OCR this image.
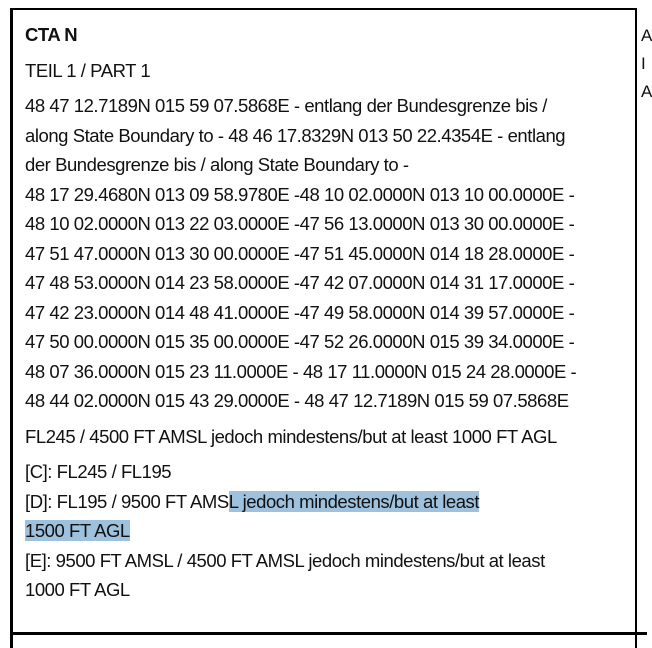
CTA N

TEIL 1 / PART 1

48 47 12.7189N 015 59 07.5868E - entlang der Bundesgrenze bis /

along State Boundary to - 48 46 17.8329N 013 50 22.4354E - entlang

der Bundesgrenze bis / along State Boundary to -

48 17 29.4680N 013 09 58.9780E -48 10 02.0000N 013 10 00.0000E -

48 10 02.0000N 013 22 03.0000E -47 56 13.0000N 013 30 00.0000E -

47 51 47.0000N 013 30 00.0000E -47 51 45.0000N 014 18 28.0000E -

47 48 53.0000N 014 23 58.0000E -47 42 07.0000N 014 31 17.0000E -

47 42 23.0000N 014 48 41.0000E -47 49 58.0000N 014 39 57.0000E -

47 50 00.0000N 015 35 00.0000E -47 52 26.0000N 015 39 34.0000E -

48 07 36.0000N 015 23 11.0000E - 48 17 11.0000N 015 24 28.0000E -

48 44 02.0000N 015 43 29.0000E - 48 47 12.7189N 015 59 07.5868E

FL245 / 4500 FT AMSL jedoch mindestens/but at least 1000 FT AGL

[C]: FL245 / FL195

[D]: FL195 / 9500 FT AMSL jedoch mindestens/but at least

1500 FT AGL

[E]: 9500 FT AMSL / 4500 FT AMSL jedoch mindestens/but at least

1000 FT AGL

A
I
A
